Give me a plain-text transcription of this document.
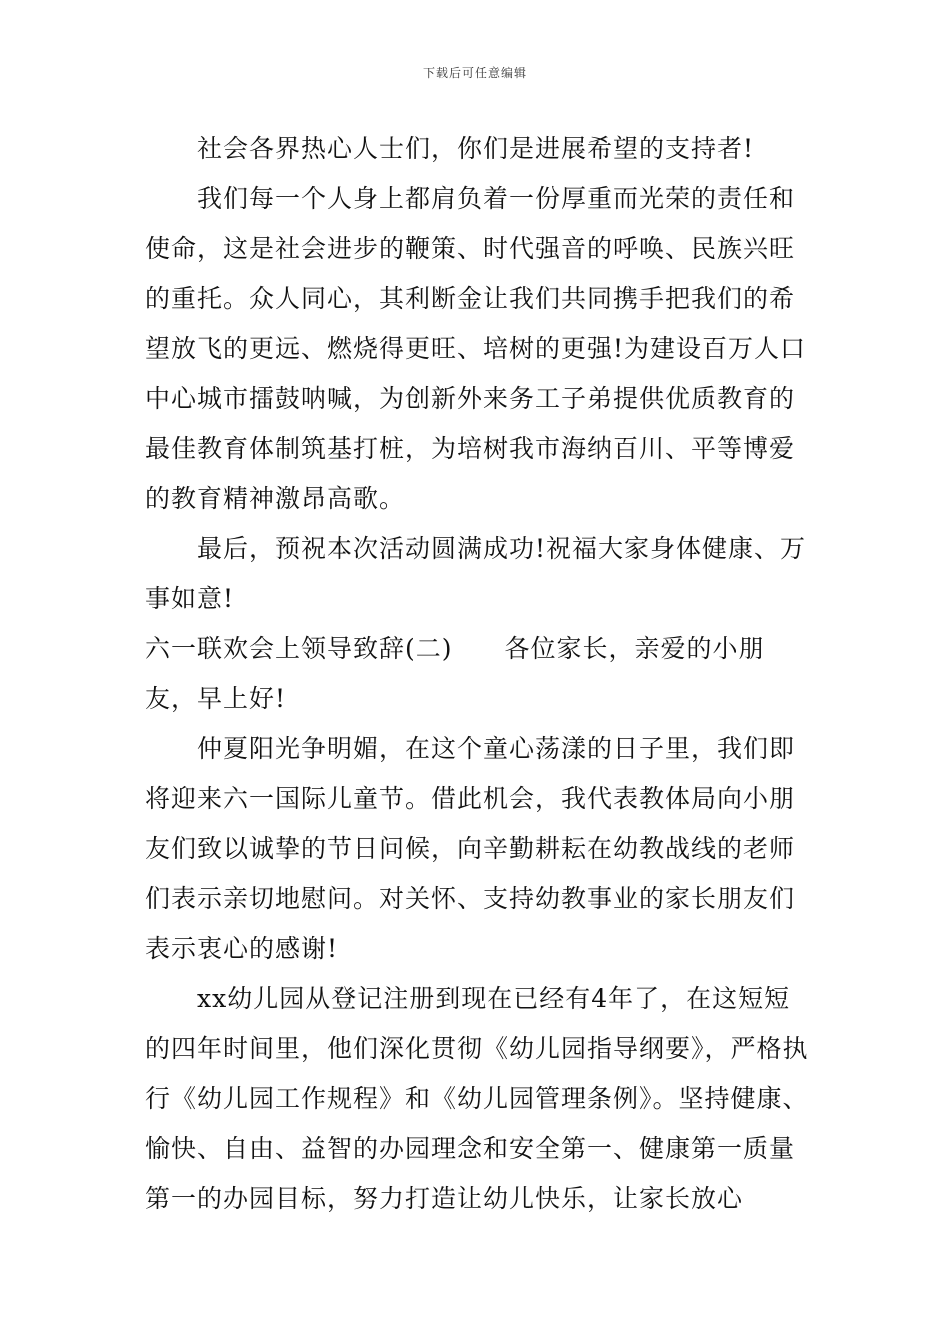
下载后可任意编辑

社会各界热心人士们，你们是进展希望的支持者!

我们每一个人身上都肩负着一份厚重而光荣的责任和使命，这是社会进步的鞭策、时代强音的呼唤、民族兴旺的重托。众人同心，其利断金让我们共同携手把我们的希望放飞的更远、燃烧得更旺、培树的更强!为建设百万人口中心城市擂鼓呐喊，为创新外来务工子弟提供优质教育的最佳教育体制筑基打桩，为培树我市海纳百川、平等博爱的教育精神激昂高歌。

最后，预祝本次活动圆满成功!祝福大家身体健康、万事如意!

六一联欢会上领导致辞(二) 各位家长，亲爱的小朋友，早上好!

仲夏阳光争明媚，在这个童心荡漾的日子里，我们即将迎来六一国际儿童节。借此机会，我代表教体局向小朋友们致以诚挚的节日问候，向辛勤耕耘在幼教战线的老师们表示亲切地慰问。对关怀、支持幼教事业的家长朋友们表示衷心的感谢!

xx幼儿园从登记注册到现在已经有4年了，在这短短的四年时间里，他们深化贯彻《幼儿园指导纲要》，严格执行《幼儿园工作规程》和《幼儿园管理条例》。坚持健康、愉快、自由、益智的办园理念和安全第一、健康第一质量第一的办园目标，努力打造让幼儿快乐，让家长放心
